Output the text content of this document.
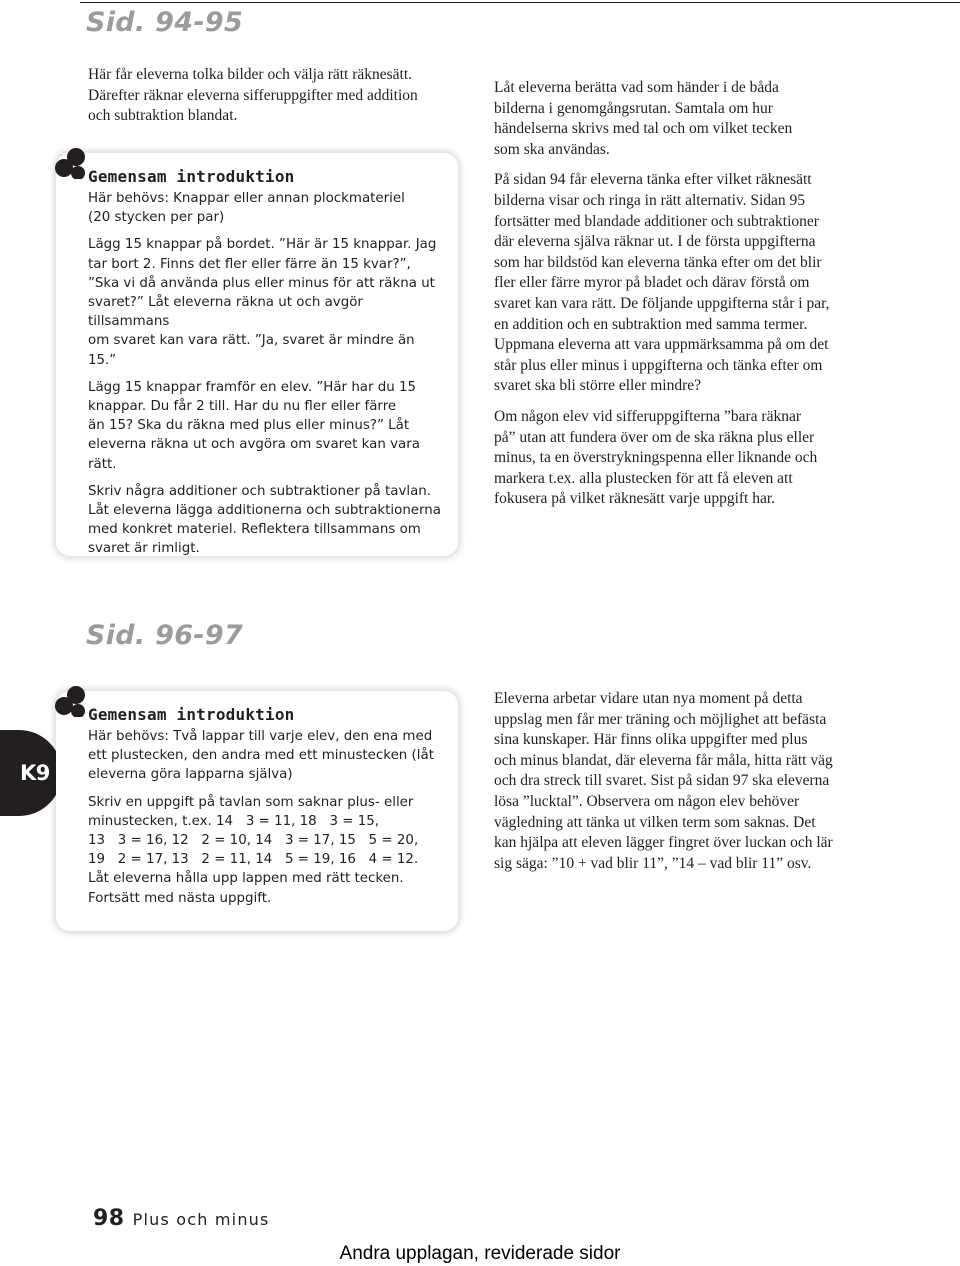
Sid. 94-95
Här får eleverna tolka bilder och välja rätt räknesätt.
Därefter räknar eleverna sifferuppgifter med addition
och subtraktion blandat.
Gemensam introduktion

Här behövs: Knappar eller annan plockmateriel
(20 stycken per par)

Lägg 15 knappar på bordet. ”Här är 15 knappar. Jag
tar bort 2. Finns det fler eller färre än 15 kvar?”,
”Ska vi då använda plus eller minus för att räkna ut
svaret?” Låt eleverna räkna ut och avgör tillsammans
om svaret kan vara rätt. ”Ja, svaret är mindre än 15.”

Lägg 15 knappar framför en elev. ”Här har du 15
knappar. Du får 2 till. Har du nu fler eller färre
än 15? Ska du räkna med plus eller minus?” Låt
eleverna räkna ut och avgöra om svaret kan vara
rätt.

Skriv några additioner och subtraktioner på tavlan.
Låt eleverna lägga additionerna och subtraktionerna
med konkret materiel. Reflektera tillsammans om
svaret är rimligt.

Låt eleverna berätta vad som händer i de båda
bilderna i genomgångsrutan. Samtala om hur
händelserna skrivs med tal och om vilket tecken
som ska användas.

På sidan 94 får eleverna tänka efter vilket räknesätt
bilderna visar och ringa in rätt alternativ. Sidan 95
fortsätter med blandade additioner och subtraktioner
där eleverna själva räknar ut. I de första uppgifterna
som har bildstöd kan eleverna tänka efter om det blir
fler eller färre myror på bladet och därav förstå om
svaret kan vara rätt. De följande uppgifterna står i par,
en addition och en subtraktion med samma termer.
Uppmana eleverna att vara uppmärksamma på om det
står plus eller minus i uppgifterna och tänka efter om
svaret ska bli större eller mindre?

Om någon elev vid sifferuppgifterna ”bara räknar
på” utan att fundera över om de ska räkna plus eller
minus, ta en överstrykningspenna eller liknande och
markera t.ex. alla plustecken för att få eleven att
fokusera på vilket räknesätt varje uppgift har.

Sid. 96-97
K9
Gemensam introduktion

Här behövs: Två lappar till varje elev, den ena med
ett plustecken, den andra med ett minustecken (låt
eleverna göra lapparna själva)

Skriv en uppgift på tavlan som saknar plus- eller
minustecken, t.ex. 14   3 = 11, 18   3 = 15,
13   3 = 16, 12   2 = 10, 14   3 = 17, 15   5 = 20,
19   2 = 17, 13   2 = 11, 14   5 = 19, 16   4 = 12.
Låt eleverna hålla upp lappen med rätt tecken.
Fortsätt med nästa uppgift.

Eleverna arbetar vidare utan nya moment på detta
uppslag men får mer träning och möjlighet att befästa
sina kunskaper. Här finns olika uppgifter med plus
och minus blandat, där eleverna får måla, hitta rätt väg
och dra streck till svaret. Sist på sidan 97 ska eleverna
lösa ”lucktal”. Observera om någon elev behöver
vägledning att tänka ut vilken term som saknas. Det
kan hjälpa att eleven lägger fingret över luckan och lär
sig säga: ”10 + vad blir 11”, ”14 – vad blir 11” osv.

98 Plus och minus
Andra upplagan, reviderade sidor
